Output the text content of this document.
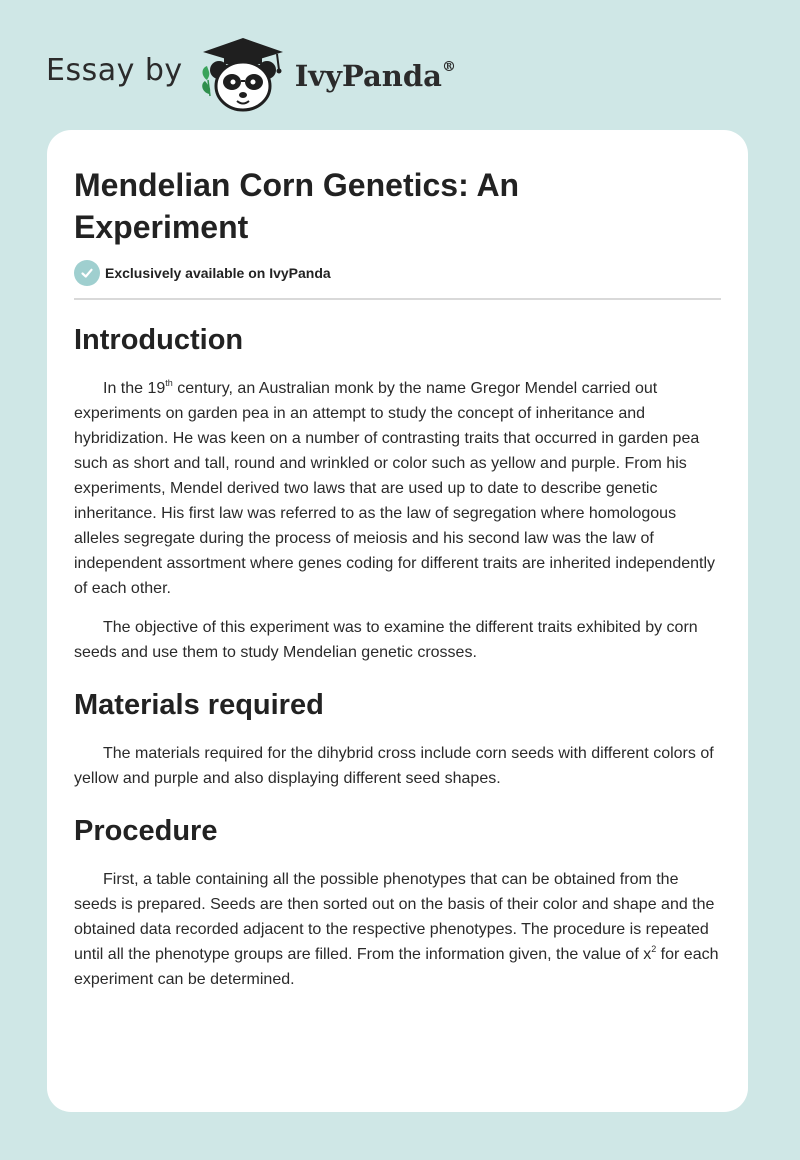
Essay by	IvyPanda®
Mendelian Corn Genetics: An Experiment
Exclusively available on IvyPanda
Introduction

In the 19th century, an Australian monk by the name Gregor Mendel carried out experiments on garden pea in an attempt to study the concept of inheritance and hybridization. He was keen on a number of contrasting traits that occurred in garden pea such as short and tall, round and wrinkled or color such as yellow and purple. From his experiments, Mendel derived two laws that are used up to date to describe genetic inheritance. His first law was referred to as the law of segregation where homologous alleles segregate during the process of meiosis and his second law was the law of independent assortment where genes coding for different traits are inherited independently of each other.

The objective of this experiment was to examine the different traits exhibited by corn seeds and use them to study Mendelian genetic crosses.

Materials required

The materials required for the dihybrid cross include corn seeds with different colors of yellow and purple and also displaying different seed shapes.

Procedure

First, a table containing all the possible phenotypes that can be obtained from the seeds is prepared. Seeds are then sorted out on the basis of their color and shape and the obtained data recorded adjacent to the respective phenotypes. The procedure is repeated until all the phenotype groups are filled. From the information given, the value of $x^2$ for each experiment can be determined.
